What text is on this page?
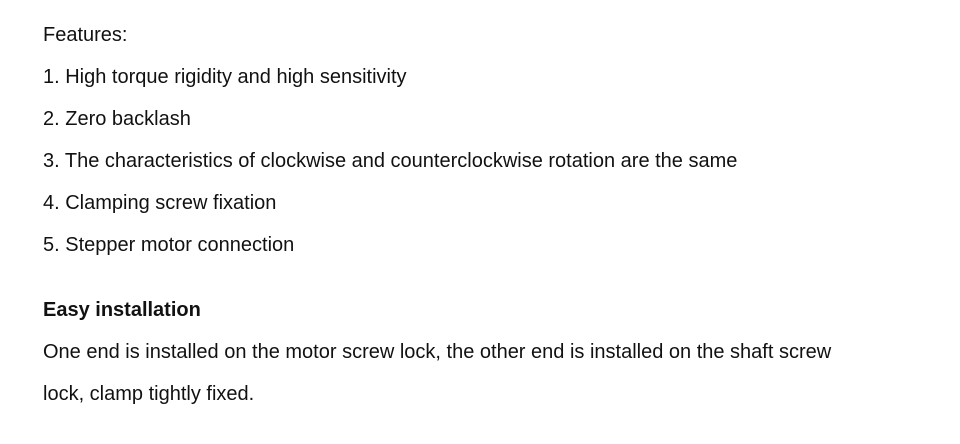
Features:
1. High torque rigidity and high sensitivity
2. Zero backlash
3. The characteristics of clockwise and counterclockwise rotation are the same
4. Clamping screw fixation
5. Stepper motor connection
Easy installation
One end is installed on the motor screw lock, the other end is installed on the shaft screw
lock, clamp tightly fixed.
